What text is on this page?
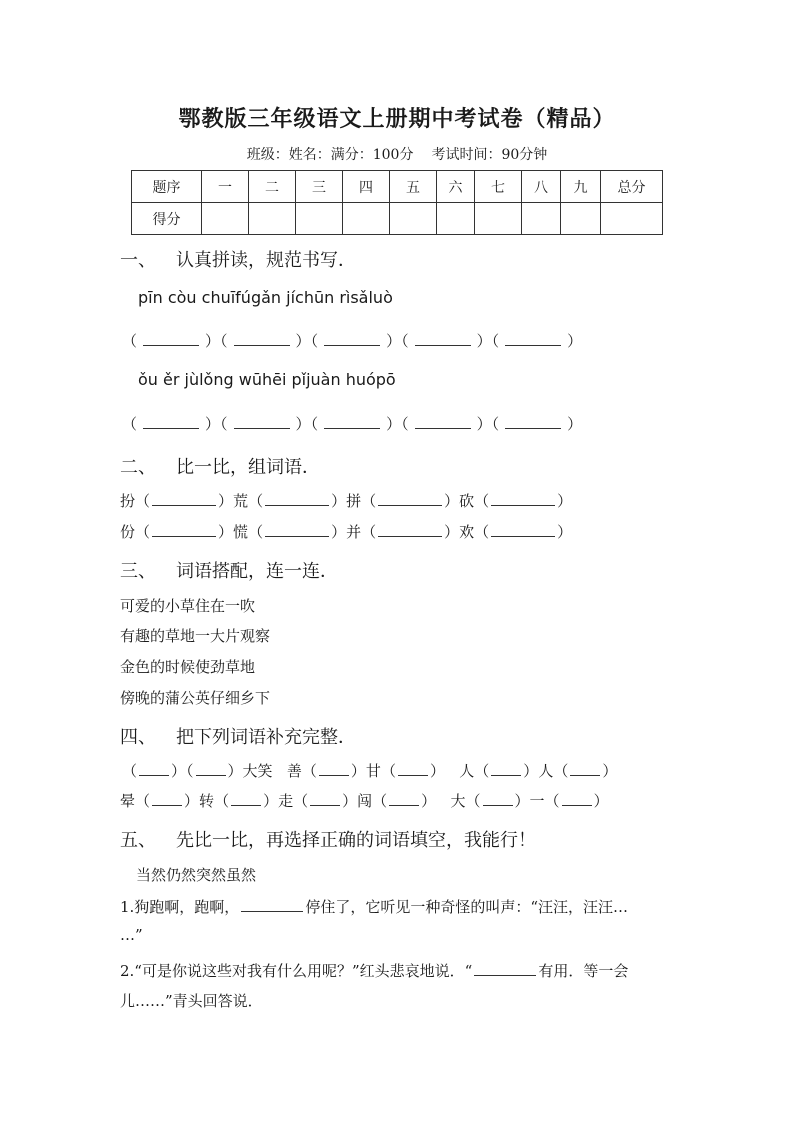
鄂教版三年级语文上册期中考试卷（精品）
班级：姓名：满分：100分 考试时间：90分钟
题序	一	二	三	四	五	六	七	八	九	总分
得分										
一、 认真拼读，规范书写．
pīn còu chuīfúgǎn jíchūn rìsǎluò
（	）（	）（	）（	）（	）
ǒu ěr jùlǒng wūhēi pǐjuàn huópō
（	）（	）（	）（	）（	）
二、 比一比，组词语．
扮（	）荒（	）拼（	）砍（	）
份（	）慌（	）并（	）欢（	）
三、 词语搭配，连一连．
可爱的小草住在一吹
有趣的草地一大片观察
金色的时候使劲草地
傍晚的蒲公英仔细乡下
四、 把下列词语补充完整．
（ ）（ ）大笑 善（ ）甘（ ）   人（ ）人（ ）
晕（ ）转（ ）走（ ）闯（ ）   大（ ）一（ ）
五、 先比一比，再选择正确的词语填空，我能行！
当然仍然突然虽然
1.狗跑啊，跑啊，	停住了，它听见一种奇怪的叫声：“汪汪，汪汪…
…”
2.“可是你说这些对我有什么用呢？”红头悲哀地说．“	有用．等一会
儿……”青头回答说．
